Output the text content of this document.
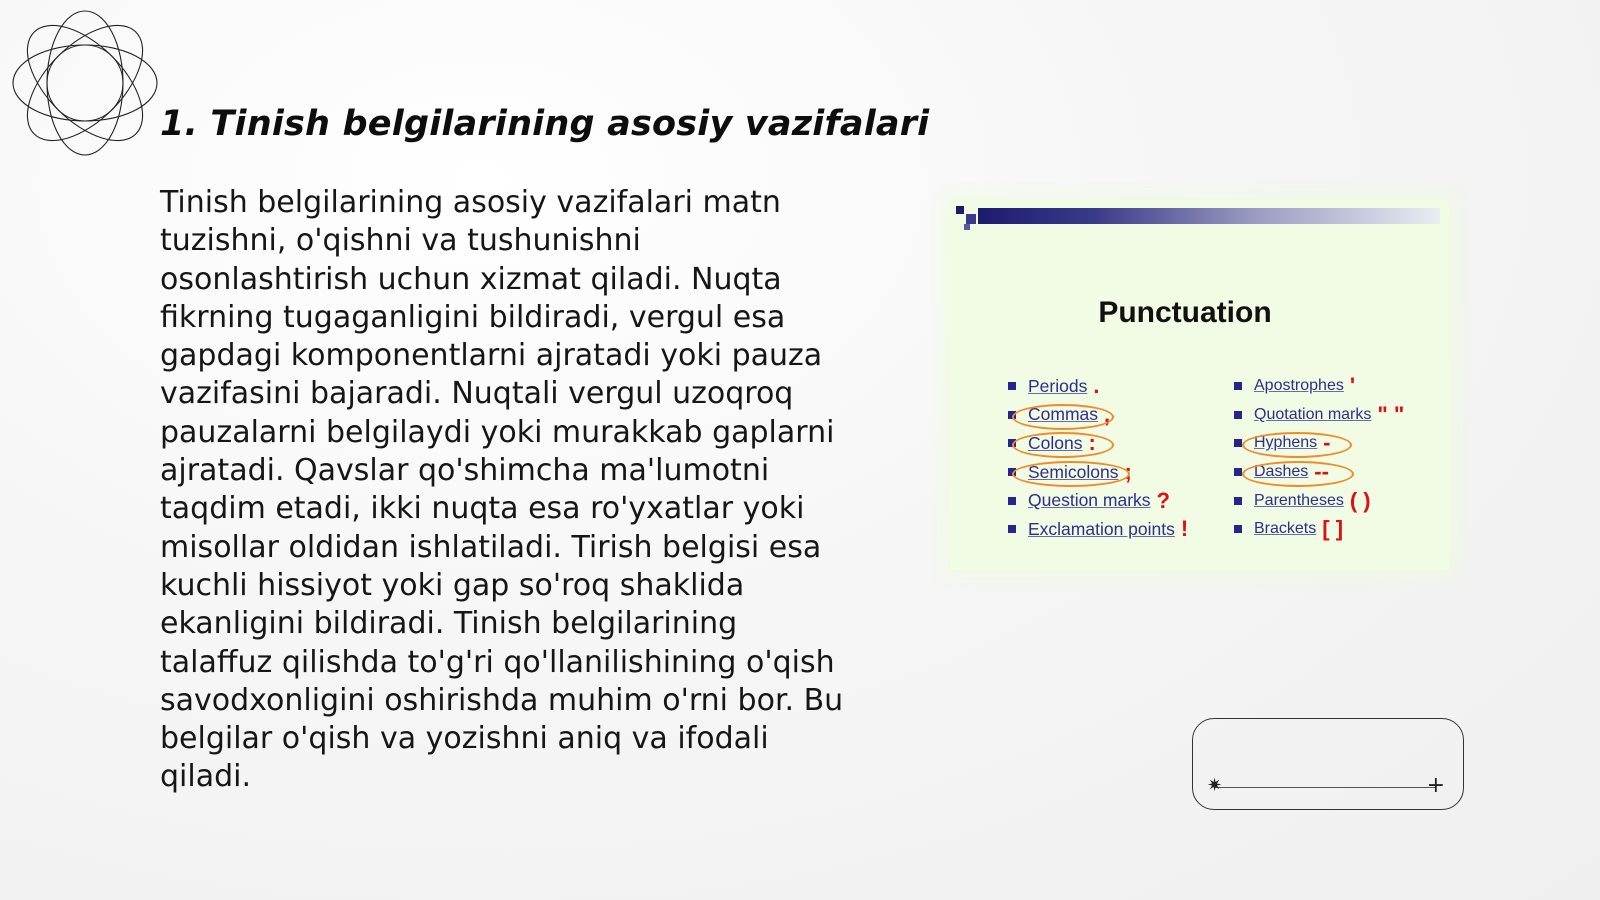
1. Tinish belgilarining asosiy vazifalari
Tinish belgilarining asosiy vazifalari matn tuzishni, o'qishni va tushunishni osonlashtirish uchun xizmat qiladi. Nuqta fikrning tugaganligini bildiradi, vergul esa gapdagi komponentlarni ajratadi yoki pauza vazifasini bajaradi. Nuqtali vergul uzoqroq pauzalarni belgilaydi yoki murakkab gaplarni ajratadi. Qavslar qo'shimcha ma'lumotni taqdim etadi, ikki nuqta esa ro'yxatlar yoki misollar oldidan ishlatiladi. Tirish belgisi esa kuchli hissiyot yoki gap so'roq shaklida ekanligini bildiradi. Tinish belgilarining talaffuz qilishda to'g'ri qo'llanilishining o'qish savodxonligini oshirishda muhim o'rni bor. Bu belgilar o'qish va yozishni aniq va ifodali qiladi.
Punctuation
Periods .
Commas ,
Colons :
Semicolons ;
Question marks ?
Exclamation points !
Apostrophes '
Quotation marks " "
Hyphens -
Dashes --
Parentheses ( )
Brackets [ ]
✷	+
